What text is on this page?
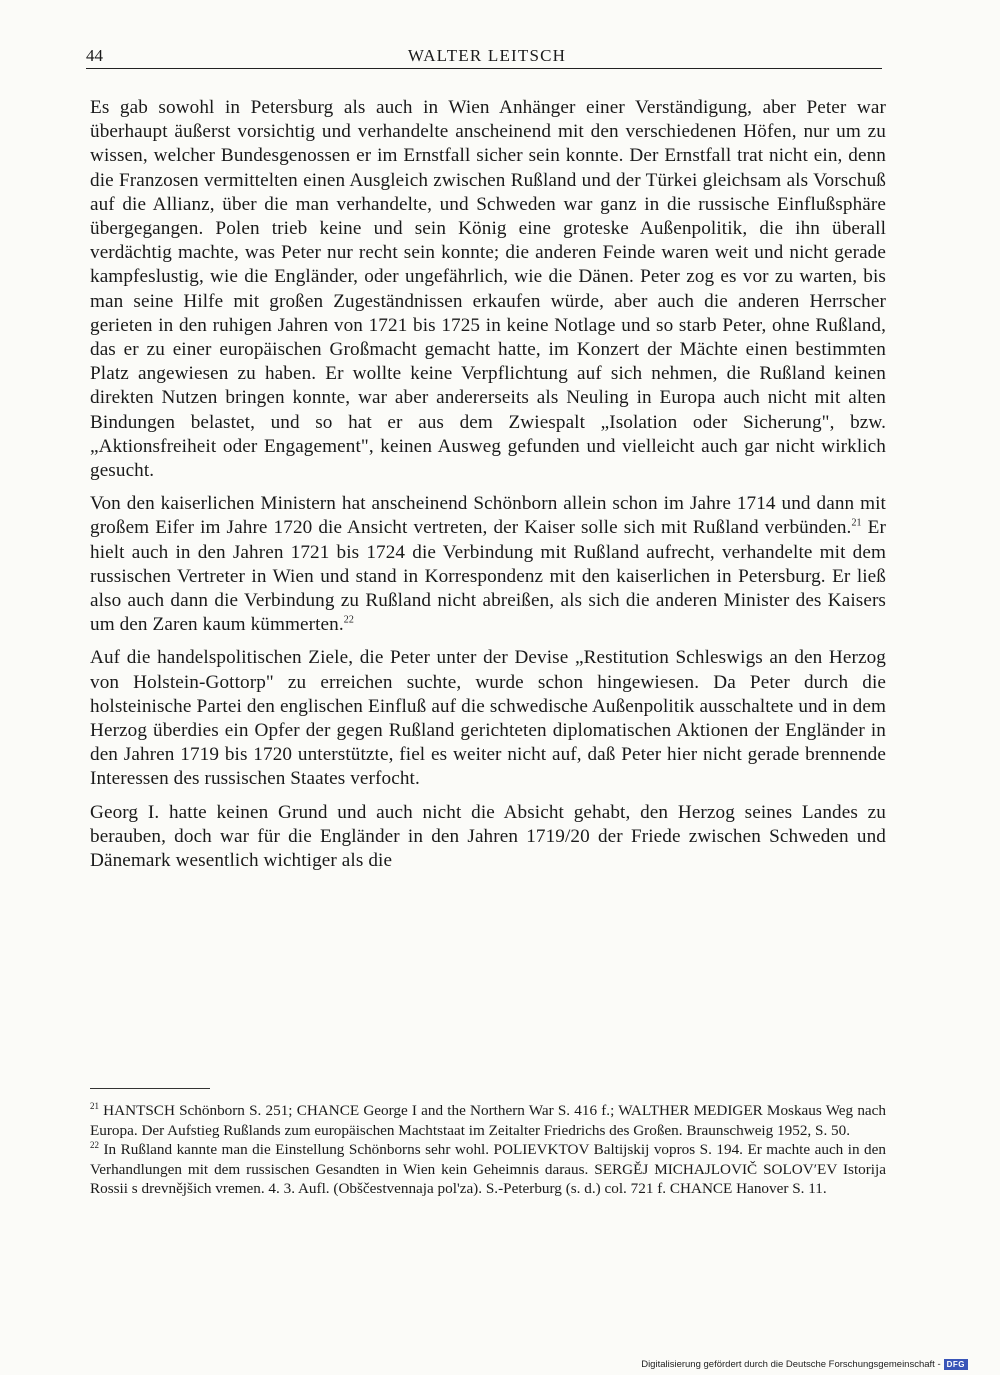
44	WALTER LEITSCH

Es gab sowohl in Petersburg als auch in Wien Anhänger einer Verständigung, aber Peter war überhaupt äußerst vorsichtig und verhandelte anscheinend mit den verschiedenen Höfen, nur um zu wissen, welcher Bundesgenossen er im Ernstfall sicher sein konnte. Der Ernstfall trat nicht ein, denn die Franzosen vermittelten einen Ausgleich zwischen Rußland und der Türkei gleichsam als Vorschuß auf die Allianz, über die man verhandelte, und Schweden war ganz in die russische Einflußsphäre übergegangen. Polen trieb keine und sein König eine groteske Außenpolitik, die ihn überall verdächtig machte, was Peter nur recht sein konnte; die anderen Feinde waren weit und nicht gerade kampfeslustig, wie die Engländer, oder ungefährlich, wie die Dänen. Peter zog es vor zu warten, bis man seine Hilfe mit großen Zugeständnissen erkaufen würde, aber auch die anderen Herrscher gerieten in den ruhigen Jahren von 1721 bis 1725 in keine Notlage und so starb Peter, ohne Rußland, das er zu einer europäischen Großmacht gemacht hatte, im Konzert der Mächte einen bestimmten Platz angewiesen zu haben. Er wollte keine Verpflichtung auf sich nehmen, die Rußland keinen direkten Nutzen bringen konnte, war aber andererseits als Neuling in Europa auch nicht mit alten Bindungen belastet, und so hat er aus dem Zwiespalt „Isolation oder Sicherung", bzw. „Aktionsfreiheit oder Engagement", keinen Ausweg gefunden und vielleicht auch gar nicht wirklich gesucht.

Von den kaiserlichen Ministern hat anscheinend Schönborn allein schon im Jahre 1714 und dann mit großem Eifer im Jahre 1720 die Ansicht vertreten, der Kaiser solle sich mit Rußland verbünden.$^{21}$ Er hielt auch in den Jahren 1721 bis 1724 die Verbindung mit Rußland aufrecht, verhandelte mit dem russischen Vertreter in Wien und stand in Korrespondenz mit den kaiserlichen in Petersburg. Er ließ also auch dann die Verbindung zu Rußland nicht abreißen, als sich die anderen Minister des Kaisers um den Zaren kaum kümmerten.$^{22}$

Auf die handelspolitischen Ziele, die Peter unter der Devise „Restitution Schleswigs an den Herzog von Holstein-Gottorp" zu erreichen suchte, wurde schon hingewiesen. Da Peter durch die holsteinische Partei den englischen Einfluß auf die schwedische Außenpolitik ausschaltete und in dem Herzog überdies ein Opfer der gegen Rußland gerichteten diplomatischen Aktionen der Engländer in den Jahren 1719 bis 1720 unterstützte, fiel es weiter nicht auf, daß Peter hier nicht gerade brennende Interessen des russischen Staates verfocht.

Georg I. hatte keinen Grund und auch nicht die Absicht gehabt, den Herzog seines Landes zu berauben, doch war für die Engländer in den Jahren 1719/20 der Friede zwischen Schweden und Dänemark wesentlich wichtiger als die

$^{21}$ HANTSCH Schönborn S. 251; CHANCE George I and the Northern War S. 416 f.; WALTHER MEDIGER Moskaus Weg nach Europa. Der Aufstieg Rußlands zum europäischen Machtstaat im Zeitalter Friedrichs des Großen. Braunschweig 1952, S. 50.

$^{22}$ In Rußland kannte man die Einstellung Schönborns sehr wohl. POLIEVKTOV Baltijskij vopros S. 194. Er machte auch in den Verhandlungen mit dem russischen Gesandten in Wien kein Geheimnis daraus. SERGĚJ MICHAJLOVIČ SOLOVʹEV Istorija Rossii s drevnějšich vremen. 4. 3. Aufl. (Obščestvennaja pol'za). S.-Peterburg (s. d.) col. 721 f. CHANCE Hanover S. 11.

Digitalisierung gefördert durch die Deutsche Forschungsgemeinschaft - DFG
